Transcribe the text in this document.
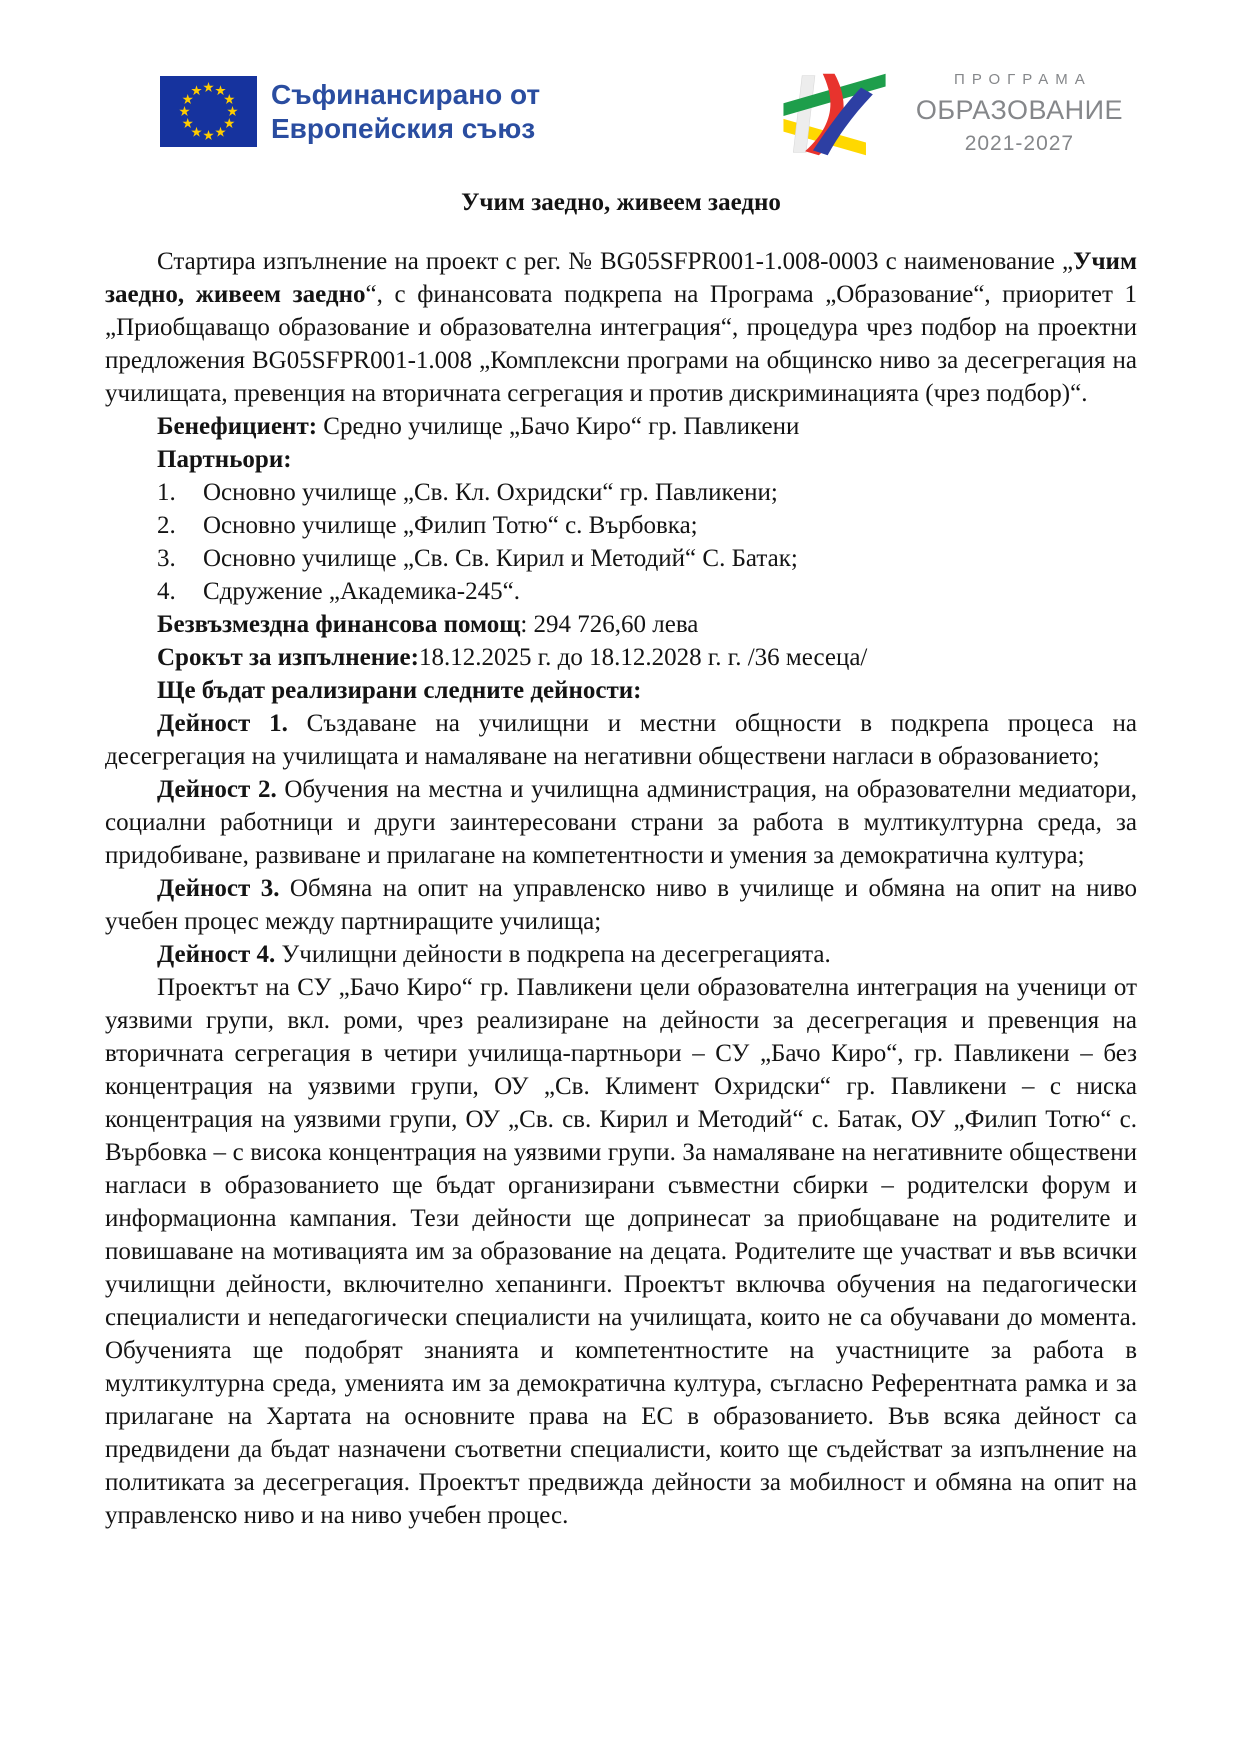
Съфинансирано от
Европейския съюз
ПРОГРАМА
ОБРАЗОВАНИЕ
2021-2027
Учим заедно, живеем заедно

Стартира изпълнение на проект с рег. № BG05SFPR001-1.008-0003 с наименование „Учим заедно, живеем заедно“, с финансовата подкрепа на Програма „Образование“, приоритет 1 „Приобщаващо образование и образователна интеграция“, процедура чрез подбор на проектни предложения BG05SFPR001-1.008 „Комплексни програми на общинско ниво за десегрегация на училищата, превенция на вторичната сегрегация и против дискриминацията (чрез подбор)“.

Бенефициент: Средно училище „Бачо Киро“ гр. Павликени

Партньори:

1. Основно училище „Св. Кл. Охридски“ гр. Павликени;
2. Основно училище „Филип Тотю“ с. Върбовка;
3. Основно училище „Св. Св. Кирил и Методий“ С. Батак;
4. Сдружение „Академика-245“.

Безвъзмездна финансова помощ: 294 726,60 лева

Срокът за изпълнение:18.12.2025 г. до 18.12.2028 г. г. /36 месеца/

Ще бъдат реализирани следните дейности:

Дейност 1. Създаване на училищни и местни общности в подкрепа процеса на десегрегация на училищата и намаляване на негативни обществени нагласи в образованието;

Дейност 2. Обучения на местна и училищна администрация, на образователни медиатори, социални работници и други заинтересовани страни за работа в мултикултурна среда, за придобиване, развиване и прилагане на компетентности и умения за демократична култура;

Дейност 3. Обмяна на опит на управленско ниво в училище и обмяна на опит на ниво учебен процес между партниращите училища;

Дейност 4. Училищни дейности в подкрепа на десегрегацията.

Проектът на СУ „Бачо Киро“ гр. Павликени цели образователна интеграция на ученици от уязвими групи, вкл. роми, чрез реализиране на дейности за десегрегация и превенция на вторичната сегрегация в четири училища-партньори – СУ „Бачо Киро“, гр. Павликени – без концентрация на уязвими групи, ОУ „Св. Климент Охридски“ гр. Павликени – с ниска концентрация на уязвими групи, ОУ „Св. св. Кирил и Методий“ с. Батак, ОУ „Филип Тотю“ с. Върбовка – с висока концентрация на уязвими групи. За намаляване на негативните обществени нагласи в образованието ще бъдат организирани съвместни сбирки – родителски форум и информационна кампания. Тези дейности ще допринесат за приобщаване на родителите и повишаване на мотивацията им за образование на децата. Родителите ще участват и във всички училищни дейности, включително хепанинги. Проектът включва обучения на педагогически специалисти и непедагогически специалисти на училищата, които не са обучавани до момента. Обученията ще подобрят знанията и компетентностите на участниците за работа в мултикултурна среда, уменията им за демократична култура, съгласно Референтната рамка и за прилагане на Хартата на основните права на ЕС в образованието. Във всяка дейност са предвидени да бъдат назначени съответни специалисти, които ще съдействат за изпълнение на политиката за десегрегация. Проектът предвижда дейности за мобилност и обмяна на опит на управленско ниво и на ниво учебен процес.
